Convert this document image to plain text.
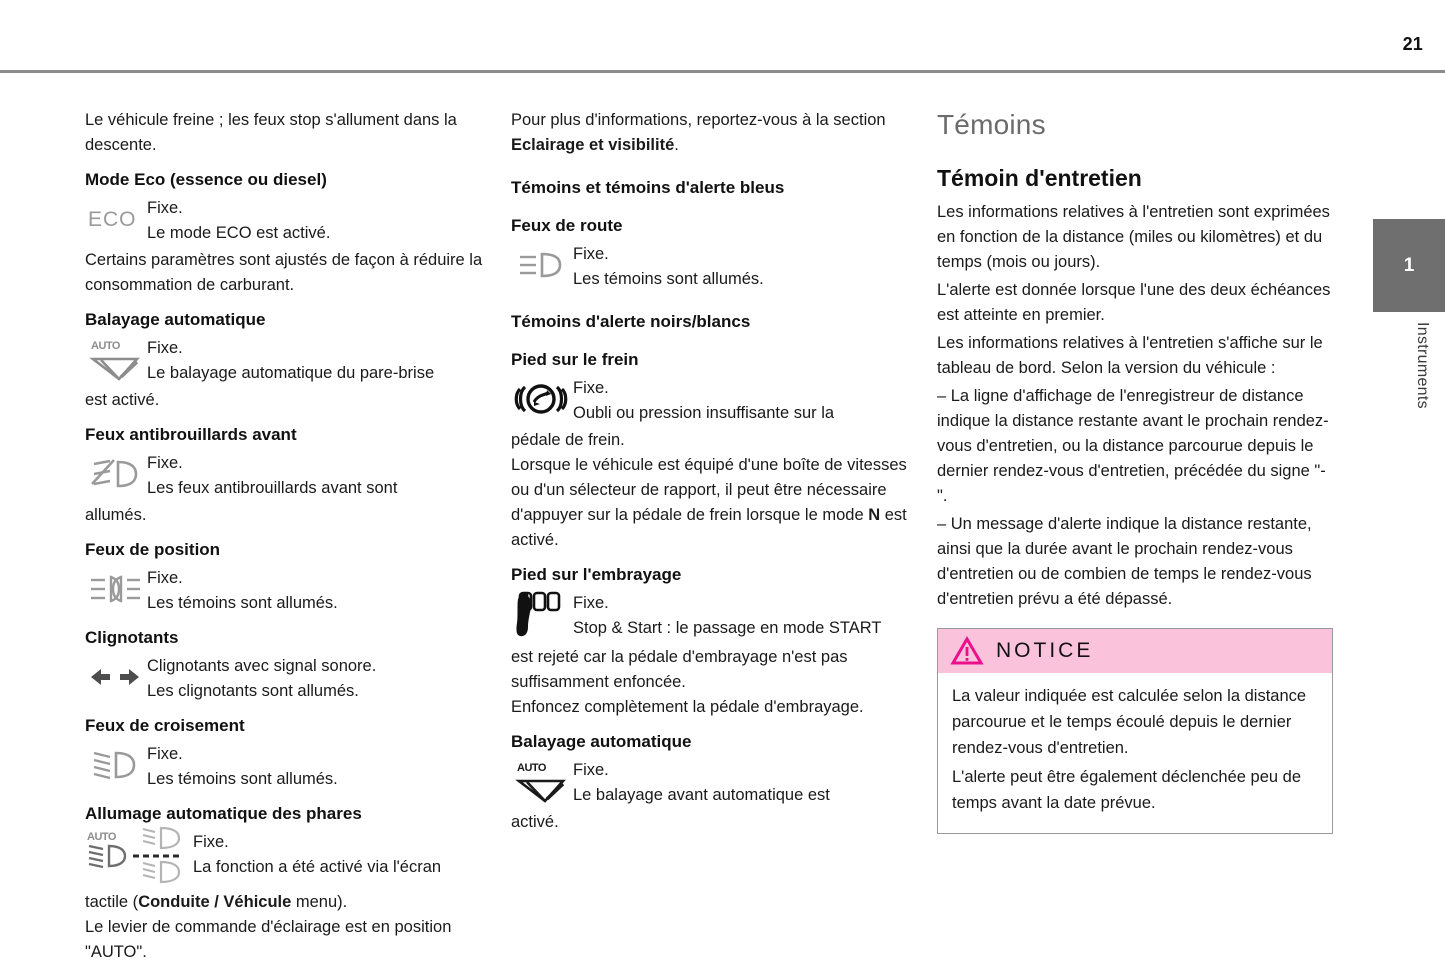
21
1
Instruments

Le véhicule freine ; les feux stop s'allument dans la descente.

Mode Eco (essence ou diesel)
ECO Fixe.
Le mode ECO est activé.

Certains paramètres sont ajustés de façon à réduire la consommation de carburant.

Balayage automatique
AUTO Fixe.
Le balayage automatique du pare-brise

est activé.

Feux antibrouillards avant
Fixe.
Les feux antibrouillards avant sont

allumés.

Feux de position
Fixe.
Les témoins sont allumés.
Clignotants
Clignotants avec signal sonore.
Les clignotants sont allumés.
Feux de croisement
Fixe.
Les témoins sont allumés.
Allumage automatique des phares
AUTO	Fixe.
La fonction a été activé via l'écran

tactile (Conduite / Véhicule menu).

Le levier de commande d'éclairage est en position "AUTO".

Pour plus d'informations, reportez-vous à la section Eclairage et visibilité.

Témoins et témoins d'alerte bleus
Feux de route
Fixe.
Les témoins sont allumés.
Témoins d'alerte noirs/blancs
Pied sur le frein
Fixe.
Oubli ou pression insuffisante sur la

pédale de frein.

Lorsque le véhicule est équipé d'une boîte de vitesses ou d'un sélecteur de rapport, il peut être nécessaire d'appuyer sur la pédale de frein lorsque le mode N est activé.

Pied sur l'embrayage
Fixe.
Stop & Start : le passage en mode START

est rejeté car la pédale d'embrayage n'est pas suffisamment enfoncée.

Enfoncez complètement la pédale d'embrayage.

Balayage automatique
AUTO Fixe.
Le balayage avant automatique est

activé.

Témoins
Témoin d'entretien

Les informations relatives à l'entretien sont exprimées en fonction de la distance (miles ou kilomètres) et du temps (mois ou jours).

L'alerte est donnée lorsque l'une des deux échéances est atteinte en premier.

Les informations relatives à l'entretien s'affiche sur le tableau de bord. Selon la version du véhicule :

– La ligne d'affichage de l'enregistreur de distance indique la distance restante avant le prochain rendez-vous d'entretien, ou la distance parcourue depuis le dernier rendez-vous d'entretien, précédée du signe "-".

– Un message d'alerte indique la distance restante, ainsi que la durée avant le prochain rendez-vous d'entretien ou de combien de temps le rendez-vous d'entretien prévu a été dépassé.

NOTICE

La valeur indiquée est calculée selon la distance parcourue et le temps écoulé depuis le dernier rendez-vous d'entretien.

L'alerte peut être également déclenchée peu de temps avant la date prévue.
